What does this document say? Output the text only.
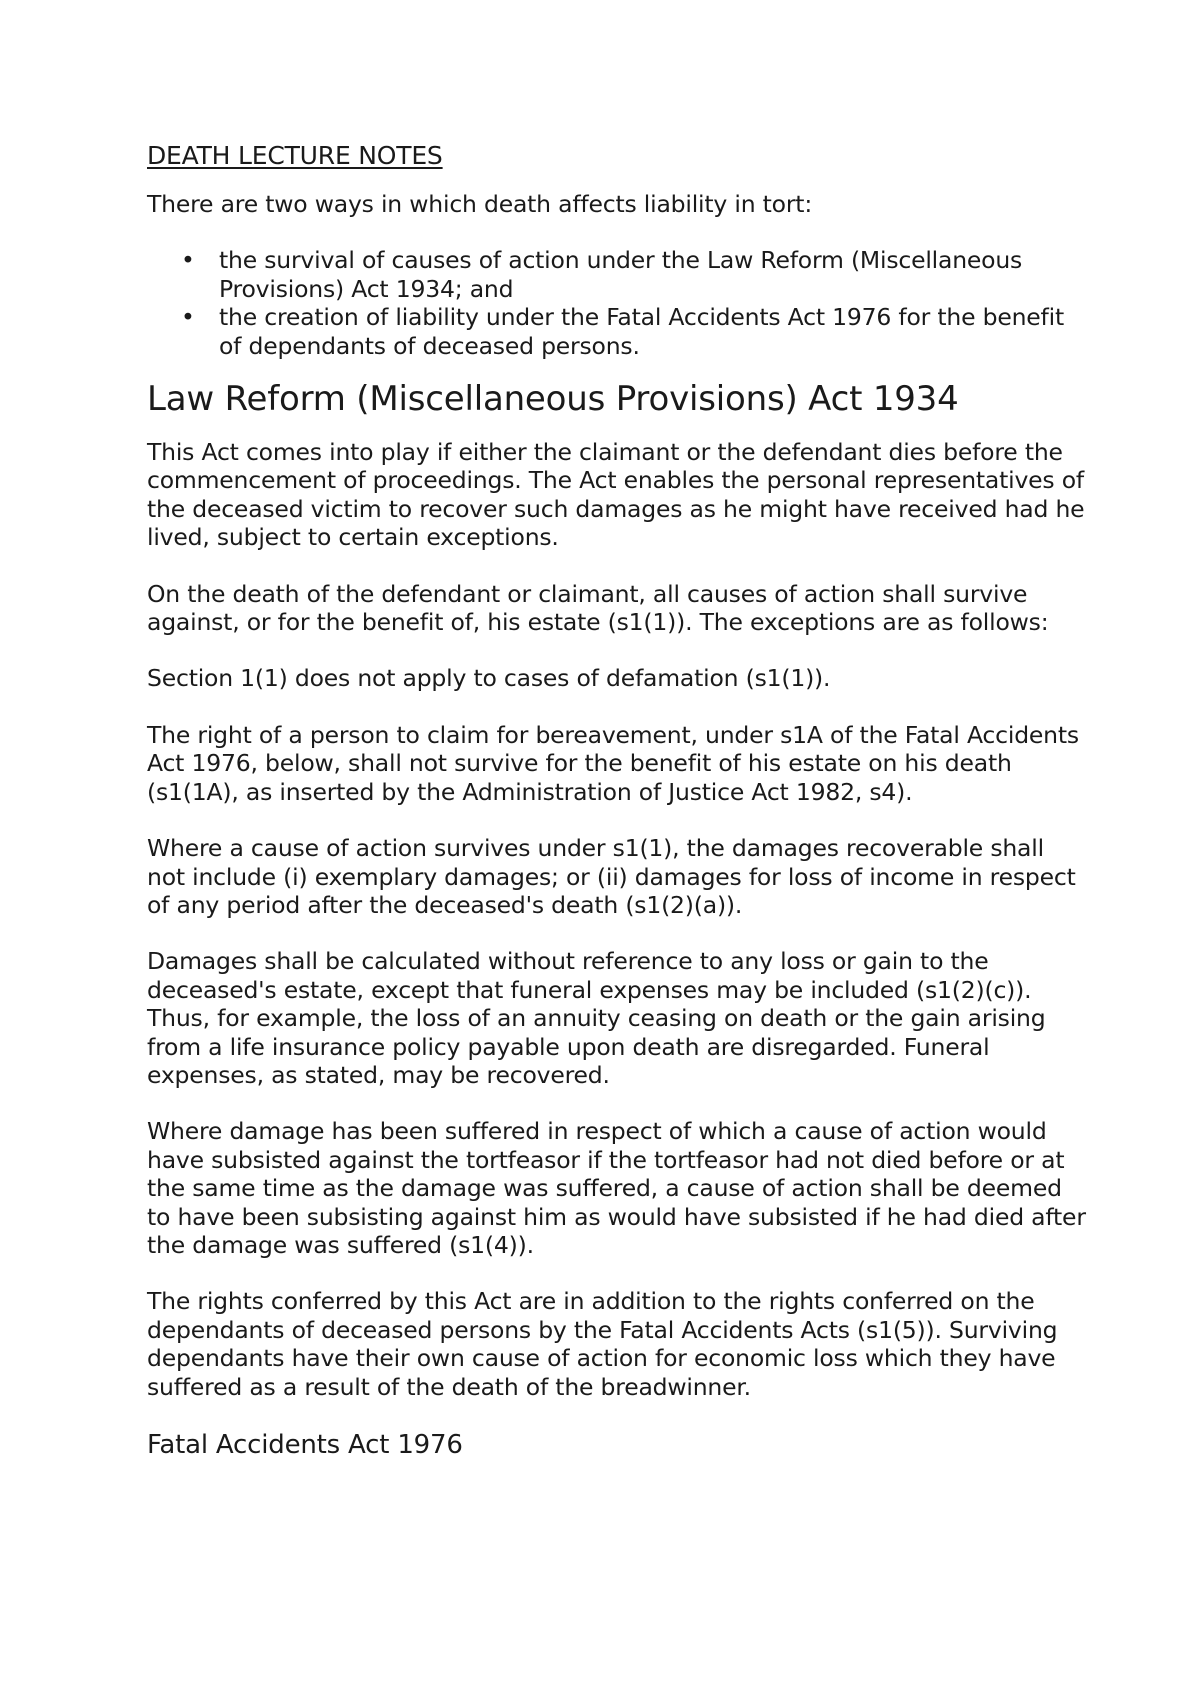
DEATH LECTURE NOTES

There are two ways in which death affects liability in tort:

• the survival of causes of action under the Law Reform (Miscellaneous Provisions) Act 1934; and
• the creation of liability under the Fatal Accidents Act 1976 for the benefit of dependants of deceased persons.
Law Reform (Miscellaneous Provisions) Act 1934

This Act comes into play if either the claimant or the defendant dies before the commencement of proceedings. The Act enables the personal representatives of the deceased victim to recover such damages as he might have received had he lived, subject to certain exceptions.

On the death of the defendant or claimant, all causes of action shall survive against, or for the benefit of, his estate (s1(1)). The exceptions are as follows:

Section 1(1) does not apply to cases of defamation (s1(1)).

The right of a person to claim for bereavement, under s1A of the Fatal Accidents Act 1976, below, shall not survive for the benefit of his estate on his death (s1(1A), as inserted by the Administration of Justice Act 1982, s4).

Where a cause of action survives under s1(1), the damages recoverable shall not include (i) exemplary damages; or (ii) damages for loss of income in respect of any period after the deceased's death (s1(2)(a)).

Damages shall be calculated without reference to any loss or gain to the deceased's estate, except that funeral expenses may be included (s1(2)(c)). Thus, for example, the loss of an annuity ceasing on death or the gain arising from a life insurance policy payable upon death are disregarded. Funeral expenses, as stated, may be recovered.

Where damage has been suffered in respect of which a cause of action would have subsisted against the tortfeasor if the tortfeasor had not died before or at the same time as the damage was suffered, a cause of action shall be deemed to have been subsisting against him as would have subsisted if he had died after the damage was suffered (s1(4)).

The rights conferred by this Act are in addition to the rights conferred on the dependants of deceased persons by the Fatal Accidents Acts (s1(5)). Surviving dependants have their own cause of action for economic loss which they have suffered as a result of the death of the breadwinner.

Fatal Accidents Act 1976
